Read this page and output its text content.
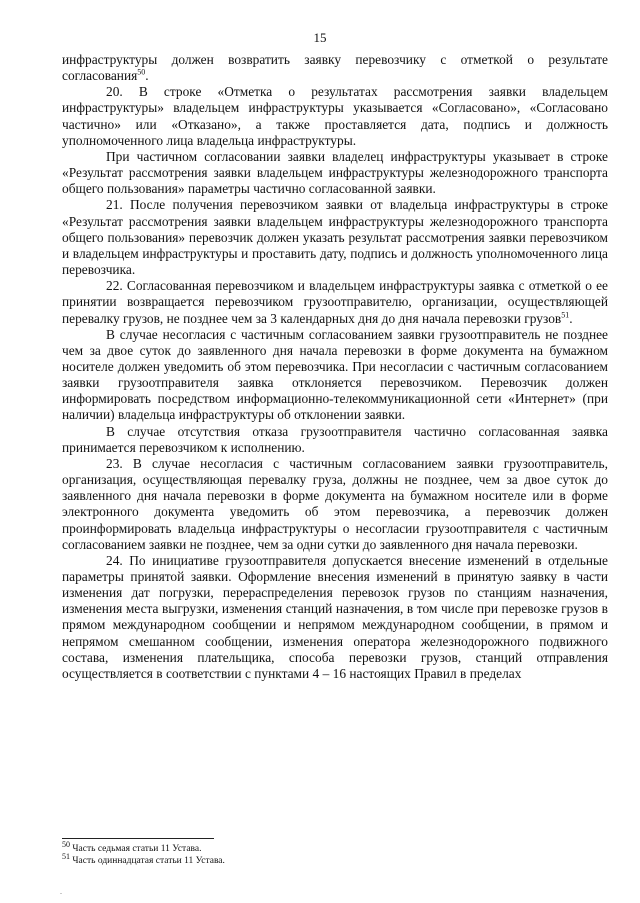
15

инфраструктуры должен возвратить заявку перевозчику с отметкой о результате согласования$^{50}$.

20. В строке «Отметка о результатах рассмотрения заявки владельцем инфраструктуры» владельцем инфраструктуры указывается «Согласовано», «Согласовано частично» или «Отказано», а также проставляется дата, подпись и должность уполномоченного лица владельца инфраструктуры.

При частичном согласовании заявки владелец инфраструктуры указывает в строке «Результат рассмотрения заявки владельцем инфраструктуры железнодорожного транспорта общего пользования» параметры частично согласованной заявки.

21. После получения перевозчиком заявки от владельца инфраструктуры в строке «Результат рассмотрения заявки владельцем инфраструктуры железнодорожного транспорта общего пользования» перевозчик должен указать результат рассмотрения заявки перевозчиком и владельцем инфраструктуры и проставить дату, подпись и должность уполномоченного лица перевозчика.

22. Согласованная перевозчиком и владельцем инфраструктуры заявка с отметкой о ее принятии возвращается перевозчиком грузоотправителю, организации, осуществляющей перевалку грузов, не позднее чем за 3 календарных дня до дня начала перевозки грузов$^{51}$.

В случае несогласия с частичным согласованием заявки грузоотправитель не позднее чем за двое суток до заявленного дня начала перевозки в форме документа на бумажном носителе должен уведомить об этом перевозчика. При несогласии с частичным согласованием заявки грузоотправителя заявка отклоняется перевозчиком. Перевозчик должен информировать посредством информационно-телекоммуникационной сети «Интернет» (при наличии) владельца инфраструктуры об отклонении заявки.

В случае отсутствия отказа грузоотправителя частично согласованная заявка принимается перевозчиком к исполнению.

23. В случае несогласия с частичным согласованием заявки грузоотправитель, организация, осуществляющая перевалку груза, должны не позднее, чем за двое суток до заявленного дня начала перевозки в форме документа на бумажном носителе или в форме электронного документа уведомить об этом перевозчика, а перевозчик должен проинформировать владельца инфраструктуры о несогласии грузоотправителя с частичным согласованием заявки не позднее, чем за одни сутки до заявленного дня начала перевозки.

24. По инициативе грузоотправителя допускается внесение изменений в отдельные параметры принятой заявки. Оформление внесения изменений в принятую заявку в части изменения дат погрузки, перераспределения перевозок грузов по станциям назначения, изменения места выгрузки, изменения станций назначения, в том числе при перевозке грузов в прямом международном сообщении и непрямом международном сообщении, в прямом и непрямом смешанном сообщении, изменения оператора железнодорожного подвижного состава, изменения плательщика, способа перевозки грузов, станций отправления осуществляется в соответствии с пунктами 4 – 16 настоящих Правил в пределах

$^{50}$ Часть седьмая статьи 11 Устава.
$^{51}$ Часть одиннадцатая статьи 11 Устава.
.
